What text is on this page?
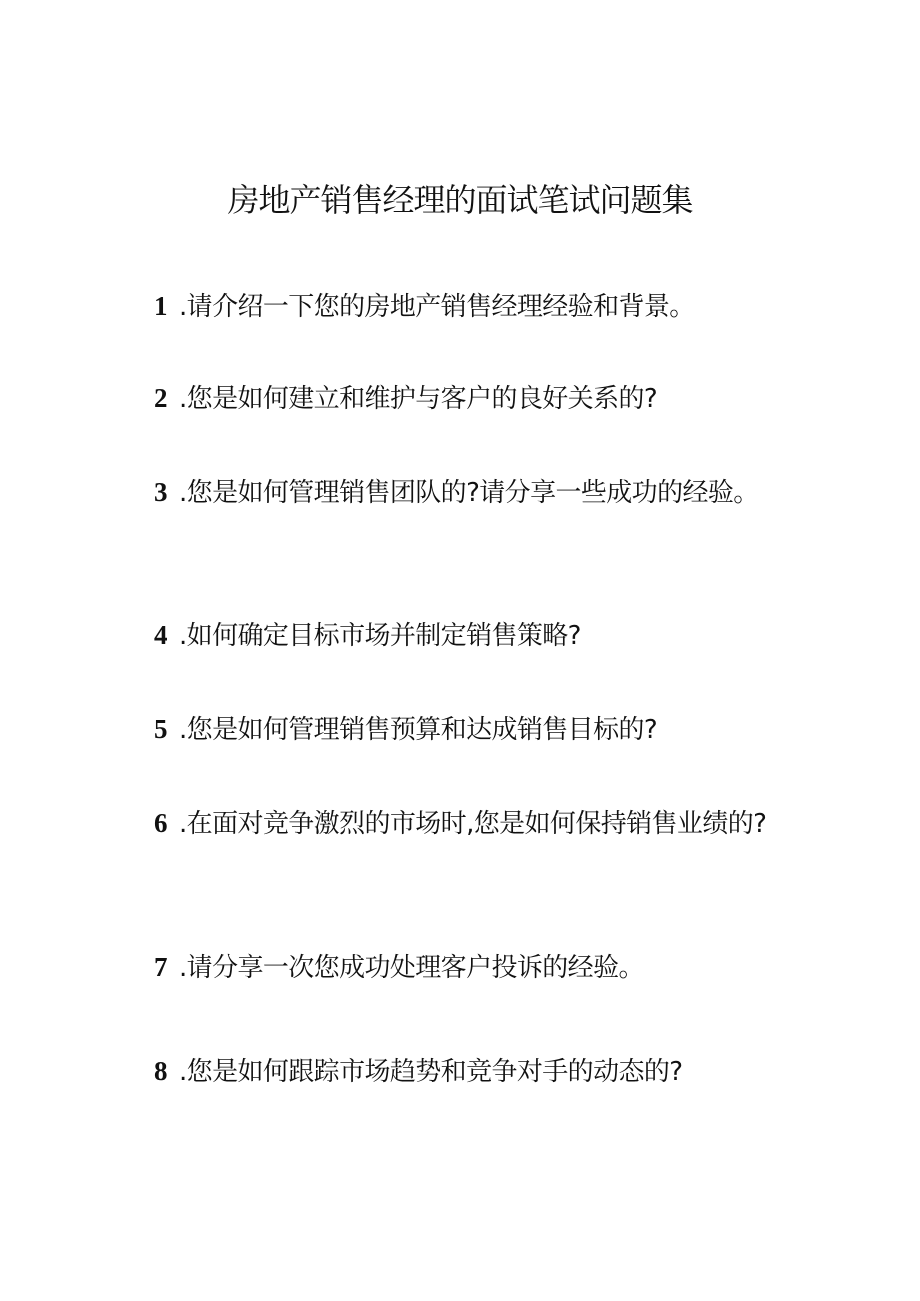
房地产销售经理的面试笔试问题集

1 .请介绍一下您的房地产销售经理经验和背景。

2 .您是如何建立和维护与客户的良好关系的?

3 .您是如何管理销售团队的?请分享一些成功的经验。

4 .如何确定目标市场并制定销售策略?

5 .您是如何管理销售预算和达成销售目标的?

6 .在面对竞争激烈的市场时,您是如何保持销售业绩的?

7 .请分享一次您成功处理客户投诉的经验。

8 .您是如何跟踪市场趋势和竞争对手的动态的?
